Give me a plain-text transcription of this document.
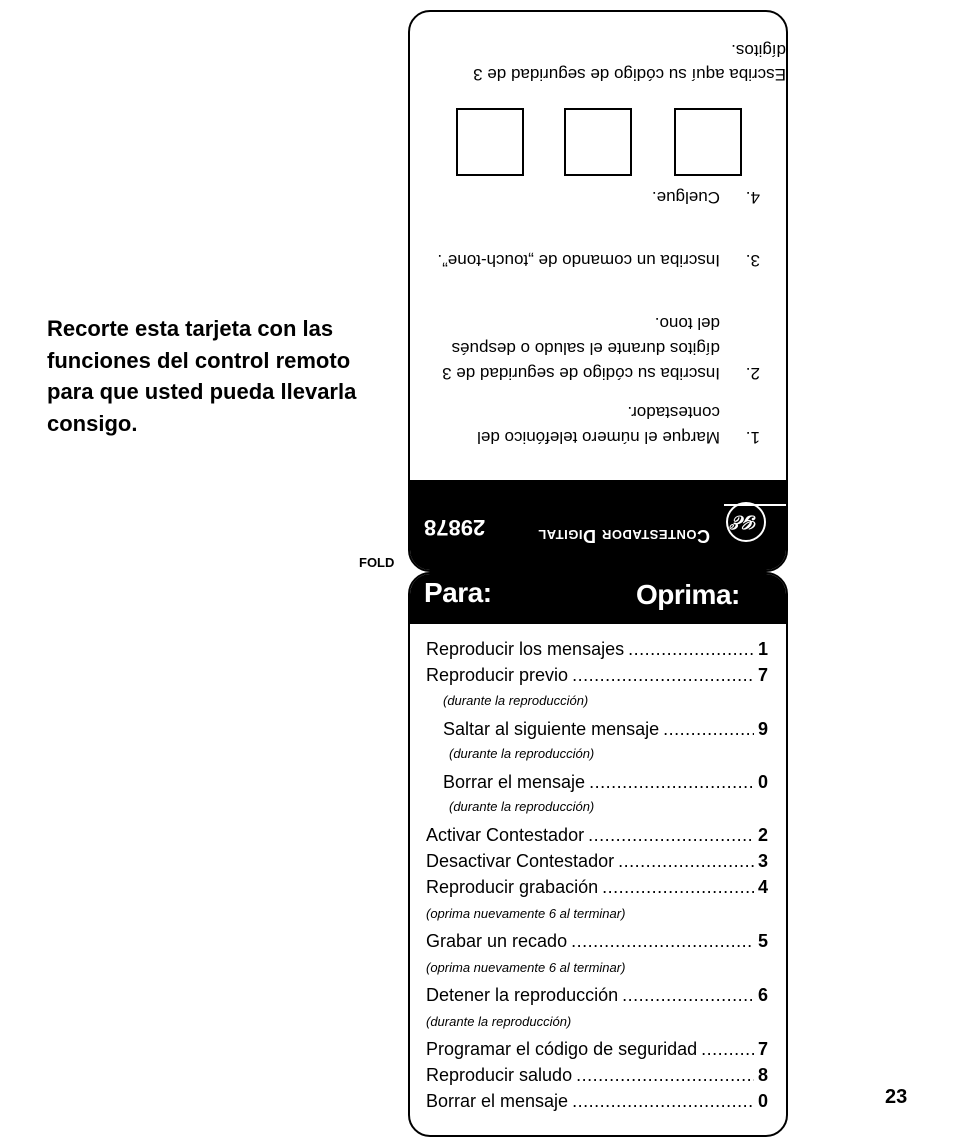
Recorte esta tarjeta con las funciones del control remoto para que usted pueda llevarla consigo.
FOLD
23
𝒢ℰ
Contestador Digital
29878
1.
Marque el número telefónico del contestador.
2.
Inscriba su código de seguridad de 3 dígitos durante el saludo o después del tono.
3.
Inscriba un comando de „touch-tone”.
4.
Cuelgue.
Escriba aquí su código de seguridad de 3 dígitos.
Para:	Oprima:
Reproducir los mensajes .....	1
Reproducir previo .....	7
(durante la reproducción)
Saltar al siguiente mensaje .....	9
(durante la reproducción)
Borrar el mensaje .....	0
(durante la reproducción)
Activar Contestador .....	2
Desactivar Contestador .....	3
Reproducir grabación .....	4
(oprima nuevamente 6 al terminar)
Grabar un recado .....	5
(oprima nuevamente 6 al terminar)
Detener la reproducción .....	6
(durante la reproducción)
Programar el código de seguridad .....	7
Reproducir saludo .....	8
Borrar el mensaje .....	0
